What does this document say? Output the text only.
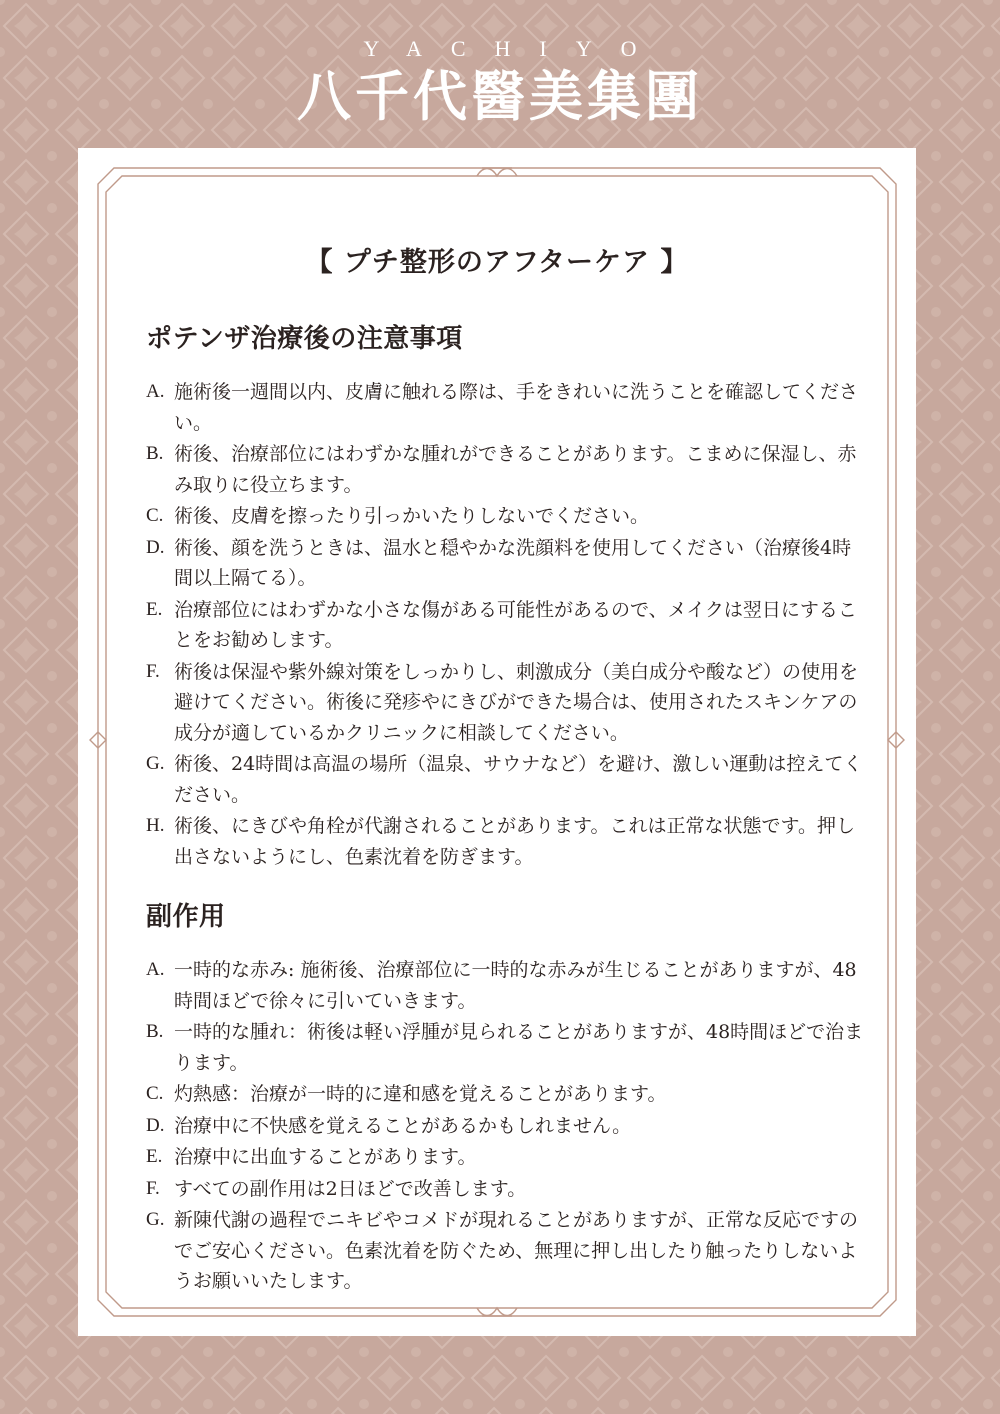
YACHIYO
八千代醫美集團
【 プチ整形のアフターケア 】
ポテンザ治療後の注意事項
A. 施術後一週間以内、皮膚に触れる際は、手をきれいに洗うことを確認してください。
B. 術後、治療部位にはわずかな腫れができることがあります。こまめに保湿し、赤み取りに役立ちます。
C. 術後、皮膚を擦ったり引っかいたりしないでください。
D. 術後、顔を洗うときは、温水と穏やかな洗顔料を使用してください（治療後4時間以上隔てる）。
E. 治療部位にはわずかな小さな傷がある可能性があるので、メイクは翌日にすることをお勧めします。
F. 術後は保湿や紫外線対策をしっかりし、刺激成分（美白成分や酸など）の使用を避けてください。術後に発疹やにきびができた場合は、使用されたスキンケアの成分が適しているかクリニックに相談してください。
G. 術後、24時間は高温の場所（温泉、サウナなど）を避け、激しい運動は控えてください。
H. 術後、にきびや角栓が代謝されることがあります。これは正常な状態です。押し出さないようにし、色素沈着を防ぎます。
副作用
A. 一時的な赤み: 施術後、治療部位に一時的な赤みが生じることがありますが、48時間ほどで徐々に引いていきます。
B. 一時的な腫れ：術後は軽い浮腫が見られることがありますが、48時間ほどで治まります。
C. 灼熱感：治療が一時的に違和感を覚えることがあります。
D. 治療中に不快感を覚えることがあるかもしれません。
E. 治療中に出血することがあります。
F. すべての副作用は2日ほどで改善します。
G. 新陳代謝の過程でニキビやコメドが現れることがありますが、正常な反応ですのでご安心ください。色素沈着を防ぐため、無理に押し出したり触ったりしないようお願いいたします。
